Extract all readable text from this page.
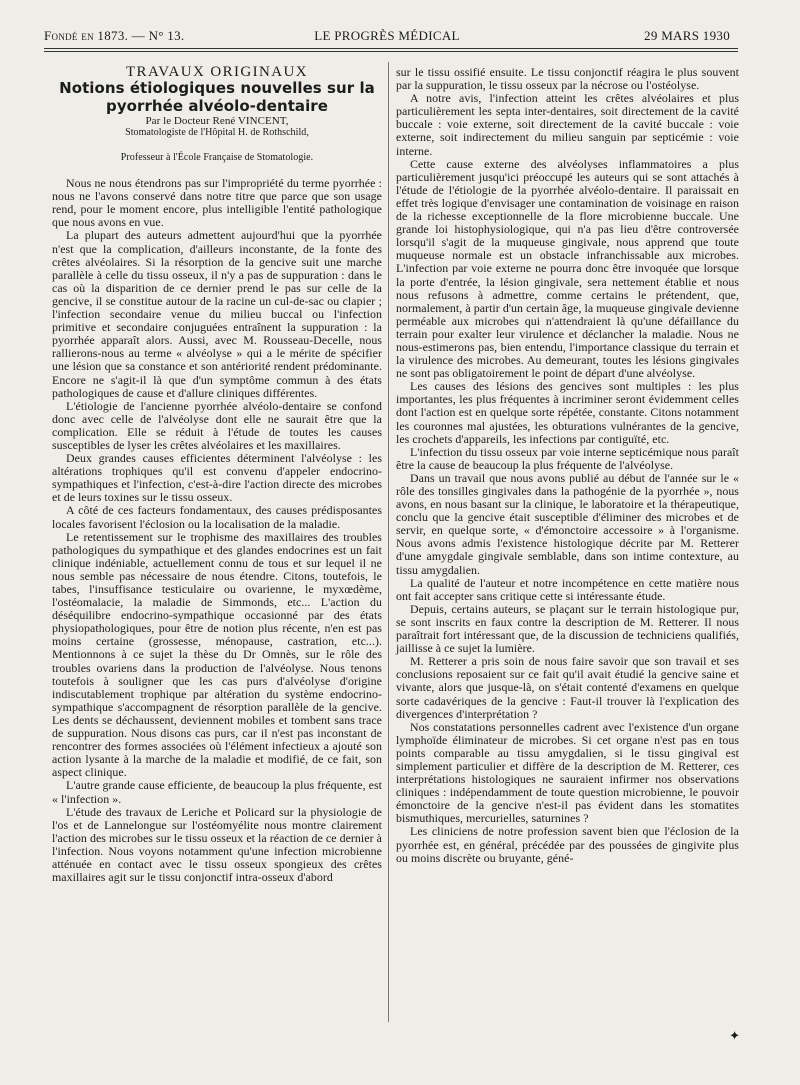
Fondé en 1873. — N° 13.	LE PROGRÈS MÉDICAL	29 MARS 1930

TRAVAUX ORIGINAUX

Notions étiologiques nouvelles sur la pyorrhée alvéolo-dentaire

Par le Docteur René VINCENT,

Stomatologiste de l'Hôpital H. de Rothschild,

Professeur à l'École Française de Stomatologie.

Nous ne nous étendrons pas sur l'impropriété du terme pyorrhée : nous ne l'avons conservé dans notre titre que parce que son usage rend, pour le moment encore, plus intelligible l'entité pathologique que nous avons en vue.

La plupart des auteurs admettent aujourd'hui que la pyorrhée n'est que la complication, d'ailleurs inconstante, de la fonte des crêtes alvéolaires. Si la résorption de la gencive suit une marche parallèle à celle du tissu osseux, il n'y a pas de suppuration : dans le cas où la disparition de ce dernier prend le pas sur celle de la gencive, il se constitue autour de la racine un cul-de-sac ou clapier ; l'infection secondaire venue du milieu buccal ou l'infection primitive et secondaire conjuguées entraînent la suppuration : la pyorrhée apparaît alors. Aussi, avec M. Rousseau-Decelle, nous rallierons-nous au terme « alvéolyse » qui a le mérite de spécifier une lésion que sa constance et son antériorité rendent prédominante. Encore ne s'agit-il là que d'un symptôme commun à des états pathologiques de cause et d'allure cliniques différentes.

L'étiologie de l'ancienne pyorrhée alvéolo-dentaire se confond donc avec celle de l'alvéolyse dont elle ne saurait être que la complication. Elle se réduit à l'étude de toutes les causes susceptibles de lyser les crêtes alvéolaires et les maxillaires.

Deux grandes causes efficientes déterminent l'alvéolyse : les altérations trophiques qu'il est convenu d'appeler endocrino-sympathiques et l'infection, c'est-à-dire l'action directe des microbes et de leurs toxines sur le tissu osseux.

A côté de ces facteurs fondamentaux, des causes prédisposantes locales favorisent l'éclosion ou la localisation de la maladie.

Le retentissement sur le trophisme des maxillaires des troubles pathologiques du sympathique et des glandes endocrines est un fait clinique indéniable, actuellement connu de tous et sur lequel il ne nous semble pas nécessaire de nous étendre. Citons, toutefois, le tabes, l'insuffisance testiculaire ou ovarienne, le myxœdème, l'ostéomalacie, la maladie de Simmonds, etc... L'action du déséquilibre endocrino-sympathique occasionné par des états physiopathologiques, pour être de notion plus récente, n'en est pas moins certaine (grossesse, ménopause, castration, etc...). Mentionnons à ce sujet la thèse du Dr Omnès, sur le rôle des troubles ovariens dans la production de l'alvéolyse. Nous tenons toutefois à souligner que les cas purs d'alvéolyse d'origine indiscutablement trophique par altération du système endocrino-sympathique s'accompagnent de résorption parallèle de la gencive. Les dents se déchaussent, deviennent mobiles et tombent sans trace de suppuration. Nous disons cas purs, car il n'est pas inconstant de rencontrer des formes associées où l'élément infectieux a ajouté son action lysante à la marche de la maladie et modifié, de ce fait, son aspect clinique.

L'autre grande cause efficiente, de beaucoup la plus fréquente, est « l'infection ».

L'étude des travaux de Leriche et Policard sur la physiologie de l'os et de Lannelongue sur l'ostéomyélite nous montre clairement l'action des microbes sur le tissu osseux et la réaction de ce dernier à l'infection. Nous voyons notamment qu'une infection microbienne atténuée en contact avec le tissu osseux spongieux des crêtes maxillaires agit sur le tissu conjonctif intra-osseux d'abord

sur le tissu ossifié ensuite. Le tissu conjonctif réagira le plus souvent par la suppuration, le tissu osseux par la nécrose ou l'ostéolyse.

A notre avis, l'infection atteint les crêtes alvéolaires et plus particulièrement les septa inter-dentaires, soit directement de la cavité buccale : voie externe, soit directement de la cavité buccale : voie externe, soit indirectement du milieu sanguin par septicémie : voie interne.

Cette cause externe des alvéolyses inflammatoires a plus particulièrement jusqu'ici préoccupé les auteurs qui se sont attachés à l'étude de l'étiologie de la pyorrhée alvéolo-dentaire. Il paraissait en effet très logique d'envisager une contamination de voisinage en raison de la richesse exceptionnelle de la flore microbienne buccale. Une grande loi histophysiologique, qui n'a pas lieu d'être controversée lorsqu'il s'agit de la muqueuse gingivale, nous apprend que toute muqueuse normale est un obstacle infranchissable aux microbes. L'infection par voie externe ne pourra donc être invoquée que lorsque la porte d'entrée, la lésion gingivale, sera nettement établie et nous nous refusons à admettre, comme certains le prétendent, que, normalement, à partir d'un certain âge, la muqueuse gingivale devienne perméable aux microbes qui n'attendraient là qu'une défaillance du terrain pour exalter leur virulence et déclancher la maladie. Nous ne nous-estimerons pas, bien entendu, l'importance classique du terrain et la virulence des microbes. Au demeurant, toutes les lésions gingivales ne sont pas obligatoirement le point de départ d'une alvéolyse.

Les causes des lésions des gencives sont multiples : les plus importantes, les plus fréquentes à incriminer seront évidemment celles dont l'action est en quelque sorte répétée, constante. Citons notamment les couronnes mal ajustées, les obturations vulnérantes de la gencive, les crochets d'appareils, les infections par contiguïté, etc.

L'infection du tissu osseux par voie interne septicémique nous paraît être la cause de beaucoup la plus fréquente de l'alvéolyse.

Dans un travail que nous avons publié au début de l'année sur le « rôle des tonsilles gingivales dans la pathogénie de la pyorrhée », nous avons, en nous basant sur la clinique, le laboratoire et la thérapeutique, conclu que la gencive était susceptible d'éliminer des microbes et de servir, en quelque sorte, « d'émonctoire accessoire » à l'organisme. Nous avons admis l'existence histologique décrite par M. Retterer d'une amygdale gingivale semblable, dans son intime contexture, au tissu amygdalien.

La qualité de l'auteur et notre incompétence en cette matière nous ont fait accepter sans critique cette si intéressante étude.

Depuis, certains auteurs, se plaçant sur le terrain histologique pur, se sont inscrits en faux contre la description de M. Retterer. Il nous paraîtrait fort intéressant que, de la discussion de techniciens qualifiés, jaillisse à ce sujet la lumière.

M. Retterer a pris soin de nous faire savoir que son travail et ses conclusions reposaient sur ce fait qu'il avait étudié la gencive saine et vivante, alors que jusque-là, on s'était contenté d'examens en quelque sorte cadavériques de la gencive : Faut-il trouver là l'explication des divergences d'interprétation ?

Nos constatations personnelles cadrent avec l'existence d'un organe lymphoïde éliminateur de microbes. Si cet organe n'est pas en tous points comparable au tissu amygdalien, si le tissu gingival est simplement particulier et diffère de la description de M. Retterer, ces interprétations histologiques ne sauraient infirmer nos observations cliniques : indépendamment de toute question microbienne, le pouvoir émonctoire de la gencive n'est-il pas évident dans les stomatites bismuthiques, mercurielles, saturnines ?

Les cliniciens de notre profession savent bien que l'éclosion de la pyorrhée est, en général, précédée par des poussées de gingivite plus ou moins discrète ou bruyante, géné-

✦
